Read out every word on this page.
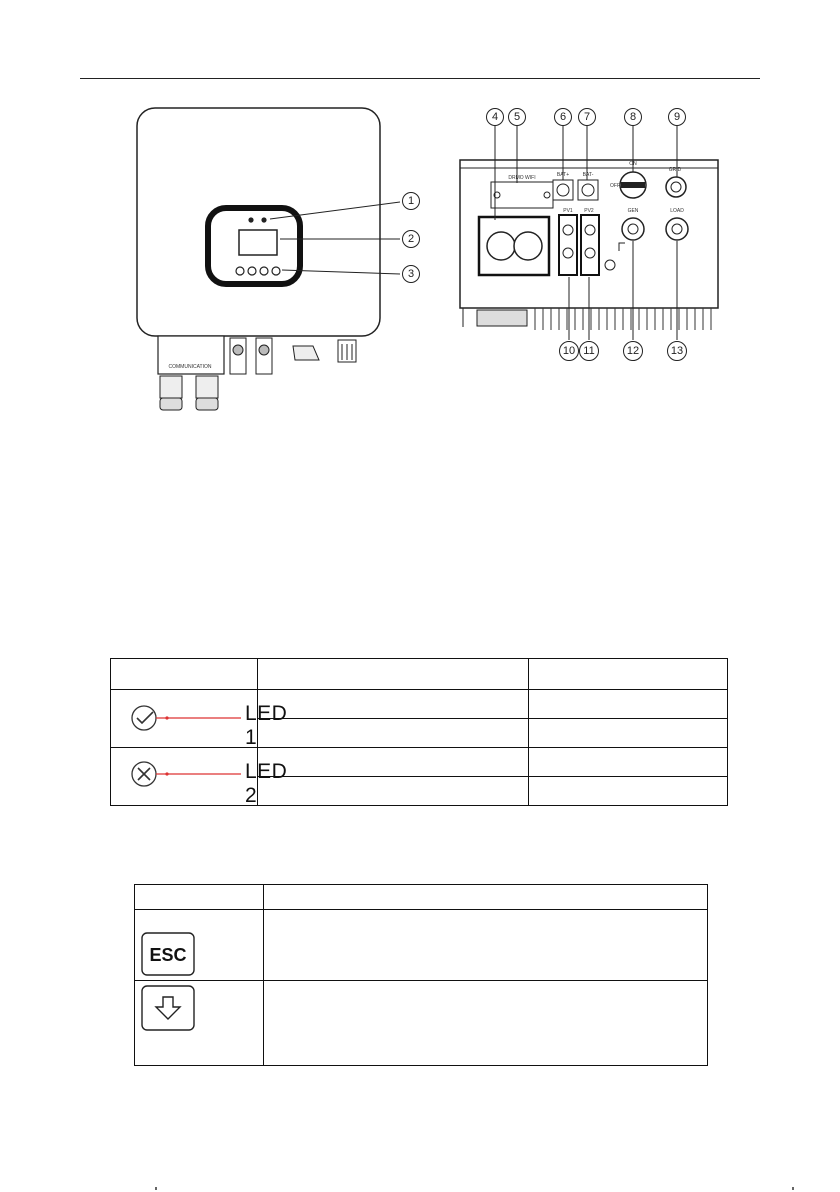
1
2
3
COMMUNICATION
DRMO WIFI	BAT+	BAT-
ON
OFF
GRID
PV1 PV2	GEN	LOAD
4 5	6 7	8	9
10 11	12	13

LED 1		

LED 2		

ESC	
